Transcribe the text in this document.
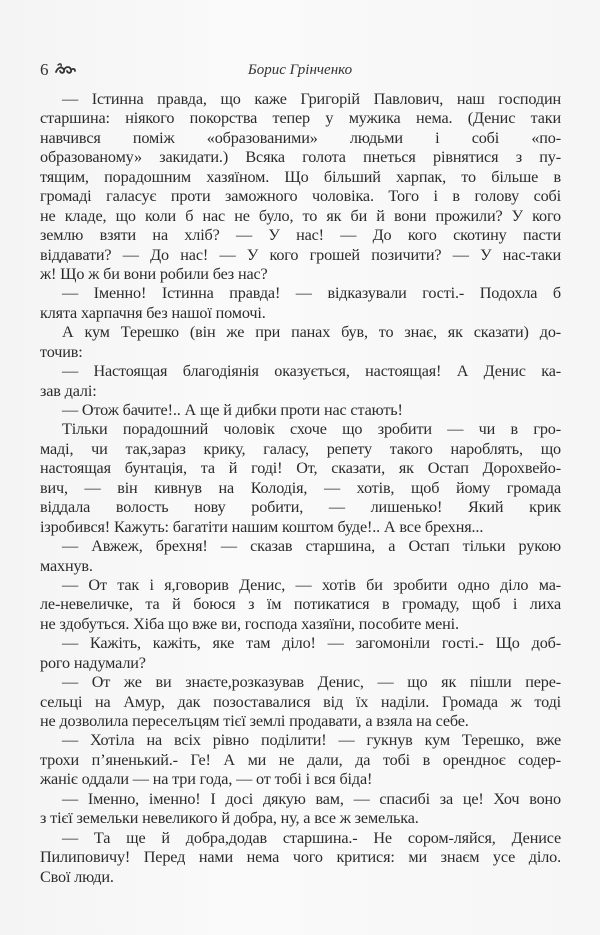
6	Борис Грінченко
— Істинна правда, що каже Григорій Павлович, наш господин
старшина: ніякого покорства тепер у мужика нема. (Денис таки
навчився поміж «образованими» людьми і собі «по-
образованому» закидати.) Всяка голота пнеться рівнятися з пу-
тящим, порадошним хазяїном. Що більший харпак, то більше в
громаді галасує проти заможного чоловіка. Того і в голову собі
не кладе, що коли б нас не було, то як би й вони прожили? У кого
землю взяти на хліб? — У нас! — До кого скотину пасти
віддавати? — До нас! — У кого грошей позичити? — У нас-таки
ж! Що ж би вони робили без нас?
— Іменно! Істинна правда! — відказували гості.- Подохла б
клята харпачня без нашої помочі.
А кум Терешко (він же при панах був, то знає, як сказати) до-
точив:
— Настоящая благодіянія оказується, настоящая! А Денис ка-
зав далі:
— Отож бачите!.. А ще й дибки проти нас стають!
Тільки порадошний чоловік схоче що зробити — чи в гро-
маді, чи так,зараз крику, галасу, репету такого нароблять, що
настоящая бунтація, та й годі! От, сказати, як Остап Дорохвейо-
вич, — він кивнув на Колодія, — хотів, щоб йому громада
віддала волость нову робити, — лишенько! Який крик
ізробився! Кажуть: багатіти нашим коштом буде!.. А все брехня...
— Авжеж, брехня! — сказав старшина, а Остап тільки рукою
махнув.
— От так і я,говорив Денис, — хотів би зробити одно діло ма-
ле-невеличке, та й боюся з їм потикатися в громаду, щоб і лиха
не здобуться. Хіба що вже ви, господа хазяїни, пособите мені.
— Кажіть, кажіть, яке там діло! — загомоніли гості.- Що доб-
рого надумали?
— От же ви знаєте,розказував Денис, — що як пішли пере-
сельці на Амур, дак позоставалися від їх наділи. Громада ж тоді
не дозволила переселъцям тієї землі продавати, а взяла на себе.
— Хотіла на всіх рівно поділити! — гукнув кум Терешко, вже
трохи п’яненький.- Ге! А ми не дали, да тобі в орендноє содер-
жаніє оддали — на три года, — от тобі і вся біда!
— Іменно, іменно! І досі дякую вам, — спасибі за це! Хоч воно
з тієї земельки невеликого й добра, ну, а все ж земелька.
— Та ще й добра,додав старшина.- Не сором-ляйся, Денисе
Пилиповичу! Перед нами нема чого критися: ми знаєм усе діло.
Свої люди.
